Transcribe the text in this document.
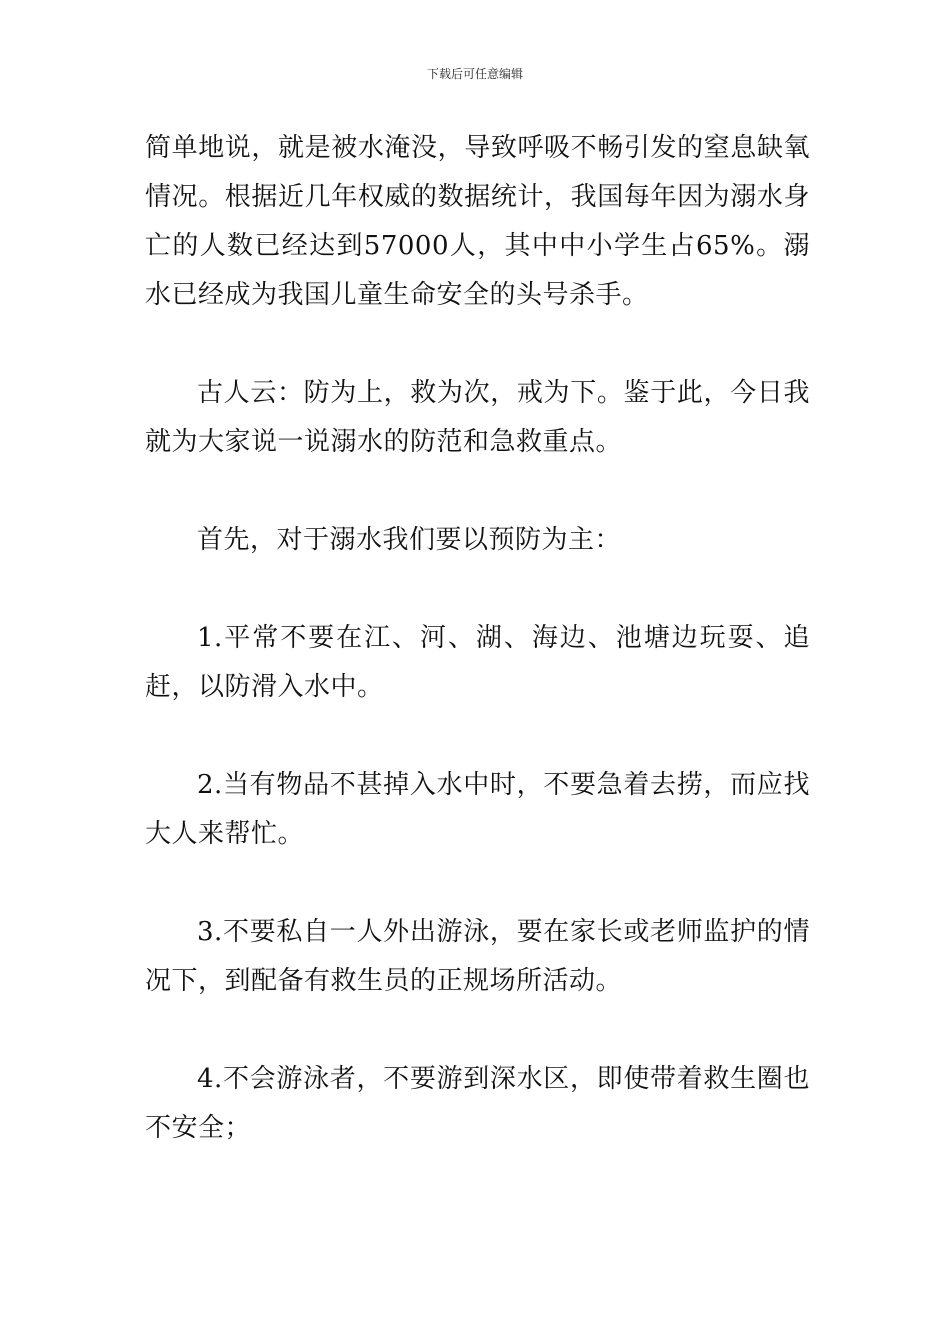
下载后可任意编辑

简单地说，就是被水淹没，导致呼吸不畅引发的窒息缺氧情况。根据近几年权威的数据统计，我国每年因为溺水身亡的人数已经达到57000人，其中中小学生占65%。溺水已经成为我国儿童生命安全的头号杀手。

古人云：防为上，救为次，戒为下。鉴于此，今日我就为大家说一说溺水的防范和急救重点。

首先，对于溺水我们要以预防为主：

1.平常不要在江、河、湖、海边、池塘边玩耍、追赶，以防滑入水中。

2.当有物品不甚掉入水中时，不要急着去捞，而应找大人来帮忙。

3.不要私自一人外出游泳，要在家长或老师监护的情况下，到配备有救生员的正规场所活动。

4.不会游泳者，不要游到深水区，即使带着救生圈也不安全；
